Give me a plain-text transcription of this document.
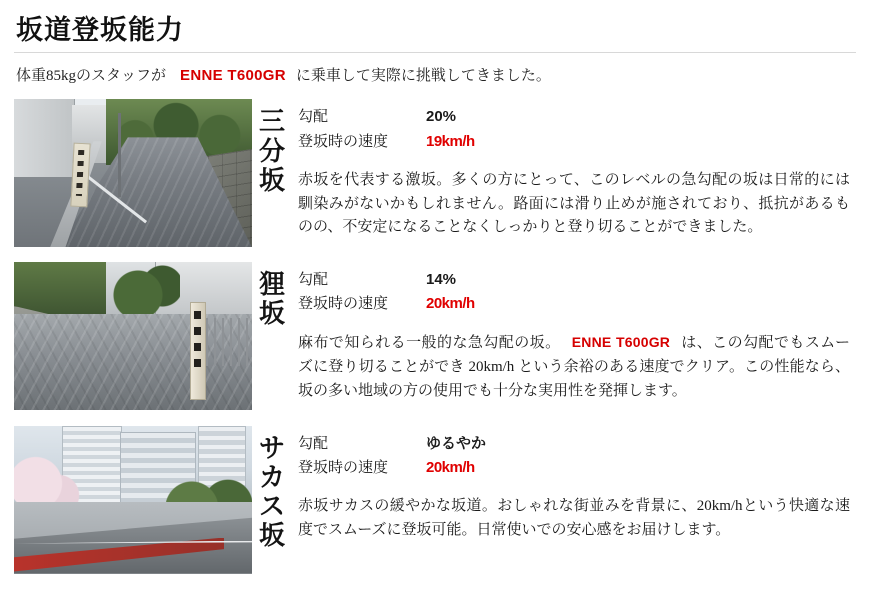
坂道登坂能力

体重85kgのスタッフが ENNE T600GR に乗車して実際に挑戦してきました。

三
分
坂
勾配	20%
登坂時の速度	19km/h

赤坂を代表する激坂。多くの方にとって、このレベルの急勾配の坂は日常的には馴染みがないかもしれません。路面には滑り止めが施されており、抵抗があるものの、不安定になることなくしっかりと登り切ることができました。

狸
坂
勾配	14%
登坂時の速度	20km/h

麻布で知られる一般的な急勾配の坂。 ENNE T600GR は、この勾配でもスムーズに登り切ることができ 20km/h という余裕のある速度でクリア。この性能なら、坂の多い地域の方の使用でも十分な実用性を発揮します。

サ
カ
ス
坂
勾配	ゆるやか
登坂時の速度	20km/h

赤坂サカスの緩やかな坂道。おしゃれな街並みを背景に、20km/hという快適な速度でスムーズに登坂可能。日常使いでの安心感をお届けします。
